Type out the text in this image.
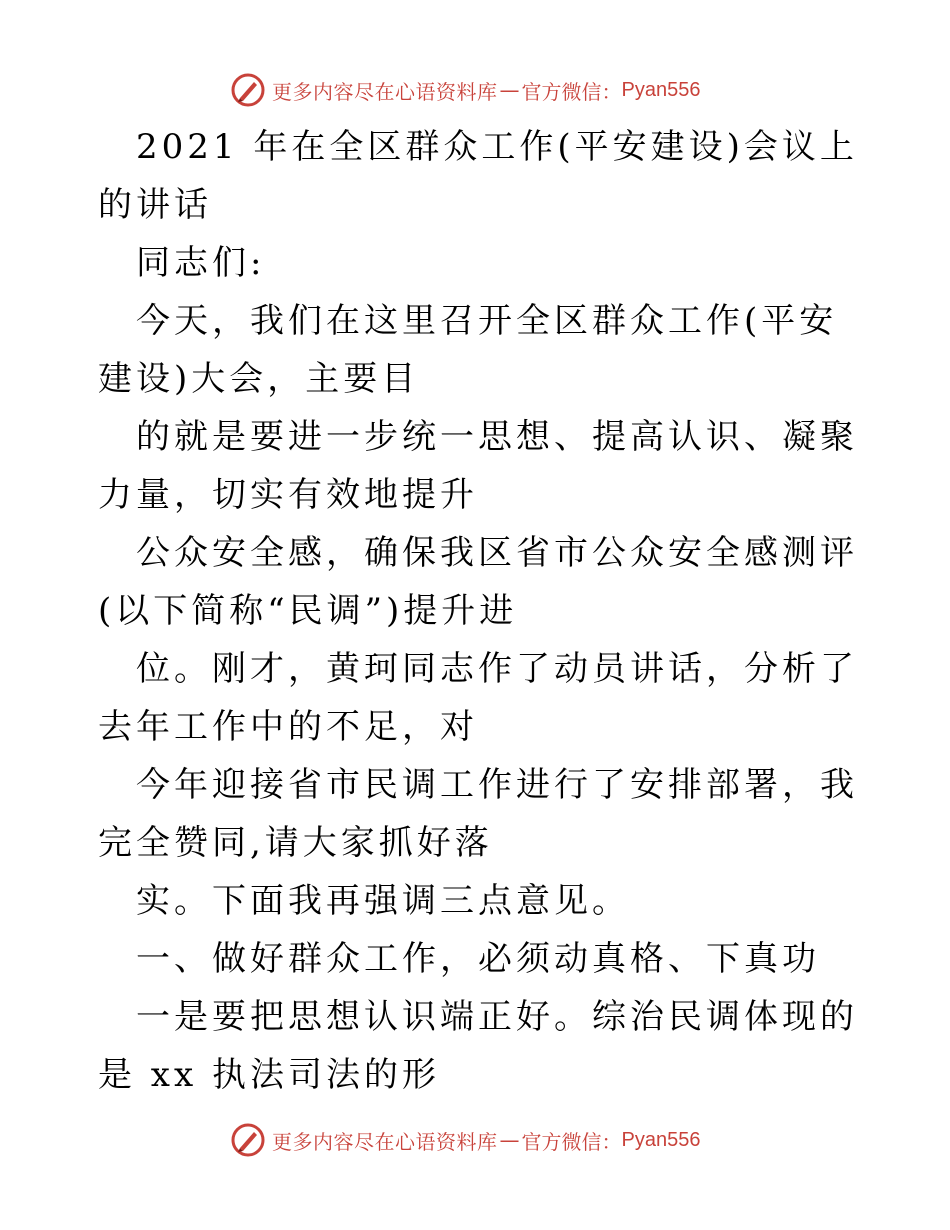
更多内容尽在心语资料库 — 官方微信： Pyan556

2021 年在全区群众工作(平安建设)会议上的讲话

同志们:

今天，我们在这里召开全区群众工作(平安建设)大会，主要目

的就是要进一步统一思想、提高认识、凝聚力量，切实有效地提升

公众安全感，确保我区省市公众安全感测评(以下简称“民调”)提升进

位。刚才，黄珂同志作了动员讲话，分析了去年工作中的不足，对

今年迎接省市民调工作进行了安排部署，我完全赞同,请大家抓好落

实。下面我再强调三点意见。

一、做好群众工作，必须动真格、下真功

一是要把思想认识端正好。综治民调体现的是 xx 执法司法的形

更多内容尽在心语资料库 — 官方微信： Pyan556
